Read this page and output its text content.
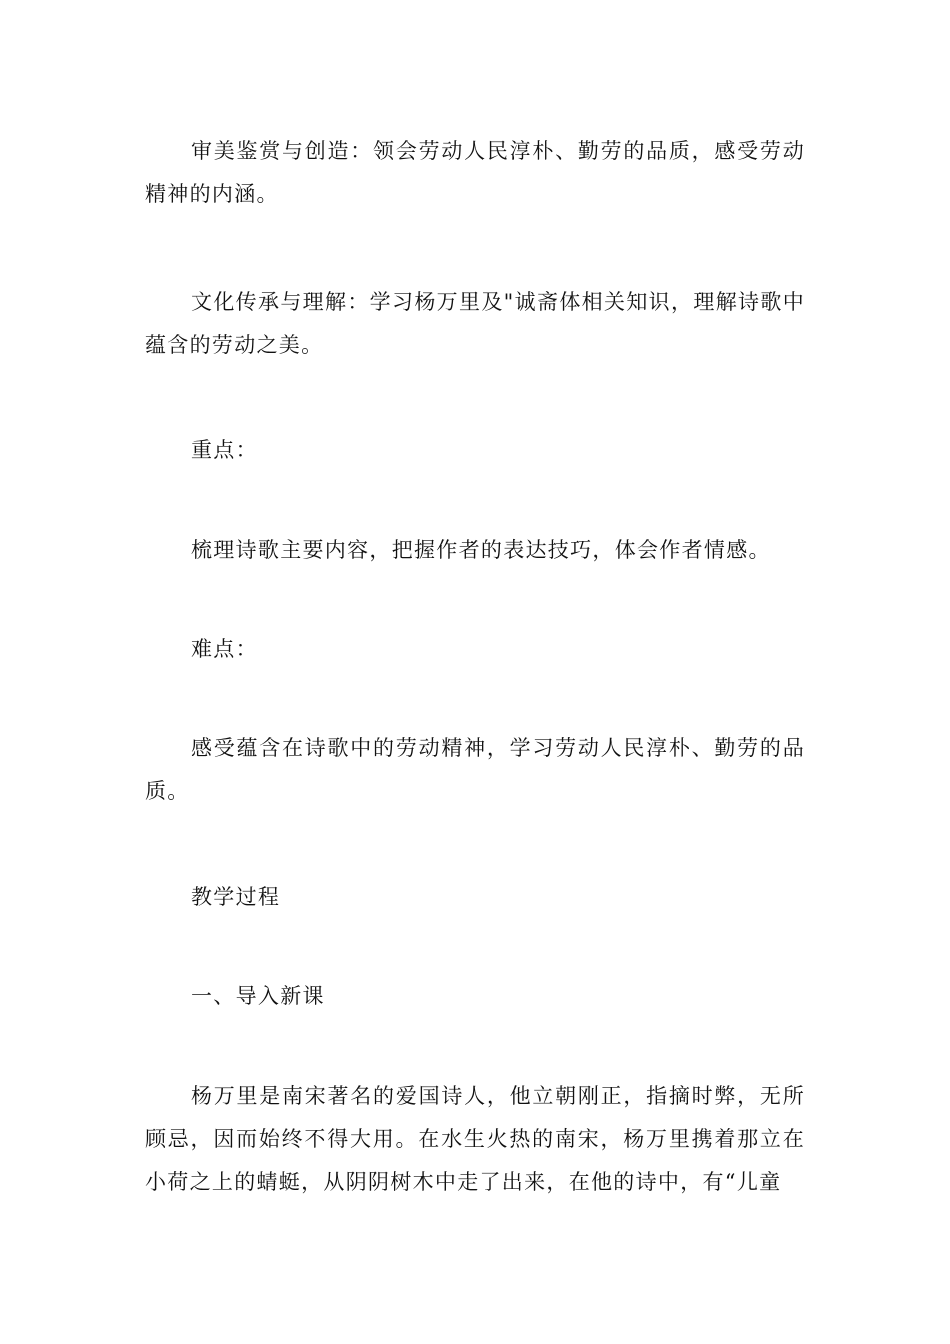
审美鉴赏与创造：领会劳动人民淳朴、勤劳的品质，感受劳动精神的内涵。

文化传承与理解：学习杨万里及"诚斋体相关知识，理解诗歌中蕴含的劳动之美。

重点：

梳理诗歌主要内容，把握作者的表达技巧，体会作者情感。

难点：

感受蕴含在诗歌中的劳动精神，学习劳动人民淳朴、勤劳的品质。

教学过程

一、导入新课

杨万里是南宋著名的爱国诗人，他立朝刚正，指摘时弊，无所顾忌，因而始终不得大用。在水生火热的南宋，杨万里携着那立在小荷之上的蜻蜓，从阴阴树木中走了出来，在他的诗中，有“儿童
